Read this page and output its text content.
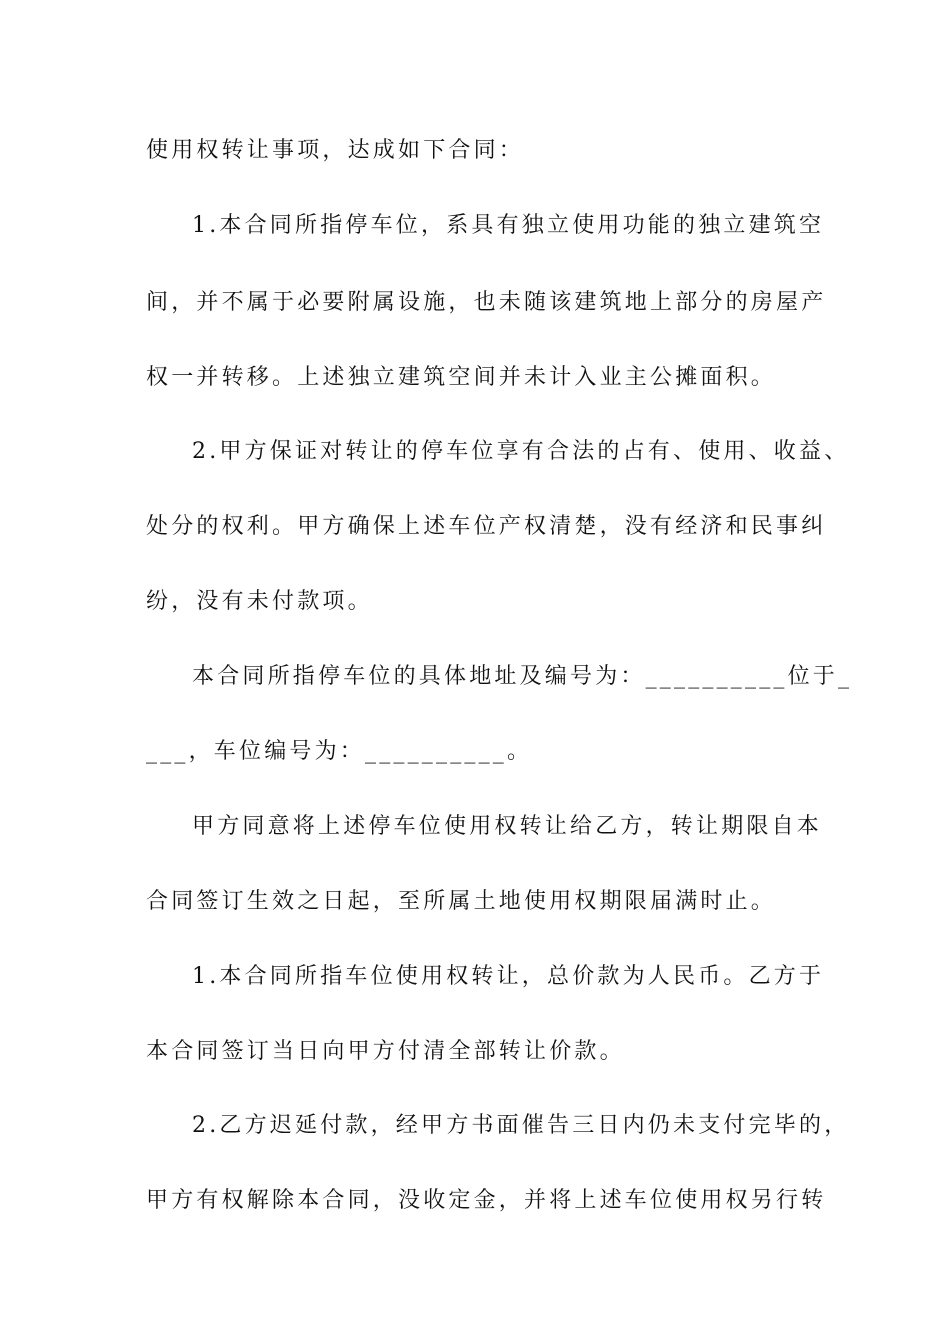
使用权转让事项，达成如下合同：
1.本合同所指停车位，系具有独立使用功能的独立建筑空
间，并不属于必要附属设施，也未随该建筑地上部分的房屋产
权一并转移。上述独立建筑空间并未计入业主公摊面积。
2.甲方保证对转让的停车位享有合法的占有、使用、收益、
处分的权利。甲方确保上述车位产权清楚，没有经济和民事纠
纷，没有未付款项。
本合同所指停车位的具体地址及编号为：__________位于_
___，车位编号为：__________。
甲方同意将上述停车位使用权转让给乙方，转让期限自本
合同签订生效之日起，至所属土地使用权期限届满时止。
1.本合同所指车位使用权转让，总价款为人民币。乙方于
本合同签订当日向甲方付清全部转让价款。
2.乙方迟延付款，经甲方书面催告三日内仍未支付完毕的，
甲方有权解除本合同，没收定金，并将上述车位使用权另行转
